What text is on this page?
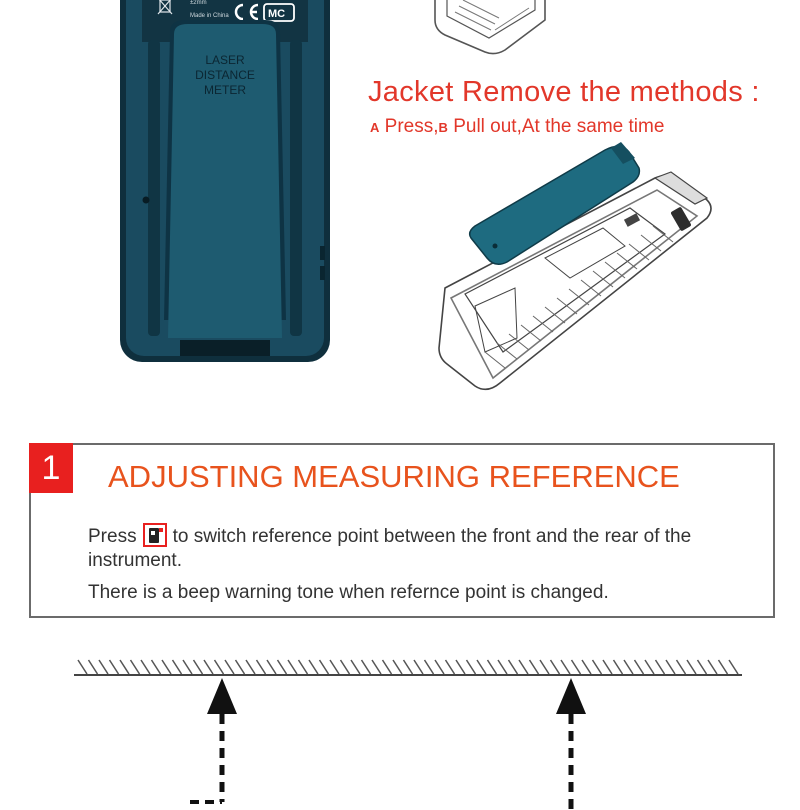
±2mm
Made in China	MC
LASER
DISTANCE
METER	Jacket Remove the methods :
A Press,B Pull out,At the same time
1	ADJUSTING MEASURING REFERENCE

Press to switch reference point between the front and the rear of the instrument.

There is a beep warning tone when refernce point is changed.
